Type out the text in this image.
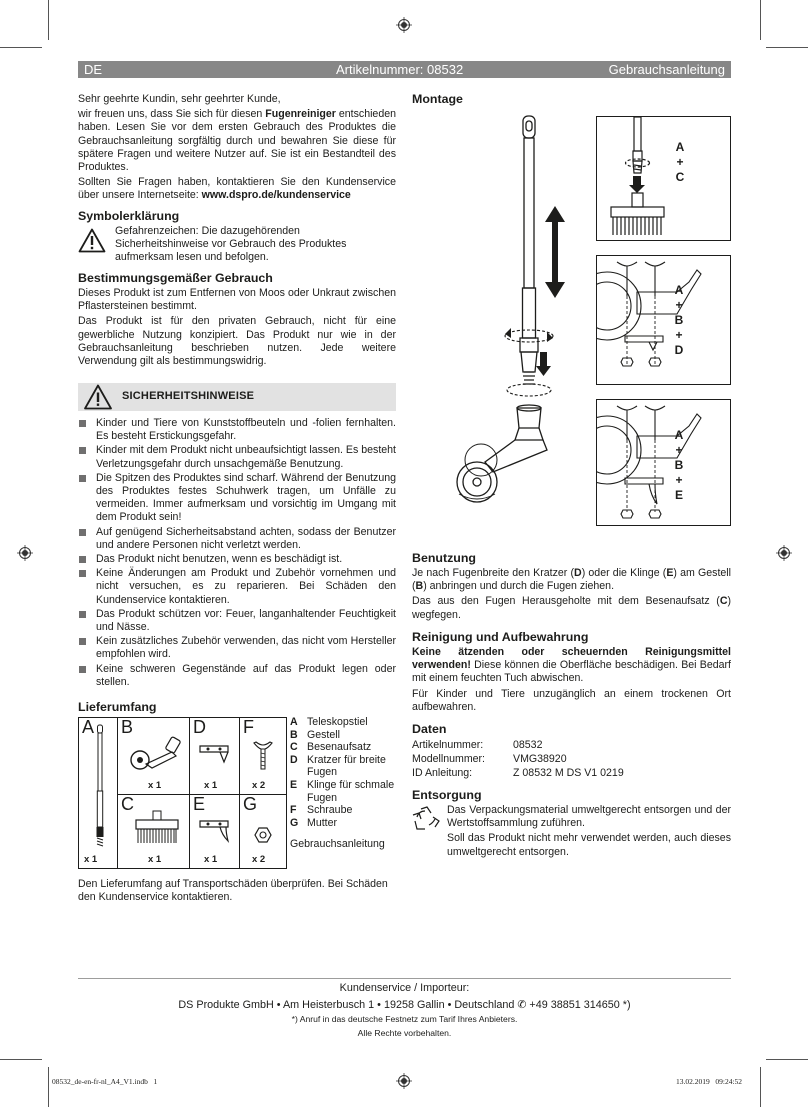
DE	Artikelnummer: 08532	Gebrauchsanleitung

Sehr geehrte Kundin, sehr geehrter Kunde,

wir freuen uns, dass Sie sich für diesen Fugenreiniger entschieden haben. Lesen Sie vor dem ersten Gebrauch des Produktes die Gebrauchsanleitung sorgfältig durch und bewahren Sie diese für spätere Fragen und weitere Nutzer auf. Sie ist ein Bestandteil des Produktes.

Sollten Sie Fragen haben, kontaktieren Sie den Kundenservice über unsere Internetseite: www.dspro.de/kundenservice

Symbolerklärung

Gefahrenzeichen: Die dazugehörenden Sicherheitshinweise vor Gebrauch des Produktes aufmerksam lesen und befolgen.

Bestimmungsgemäßer Gebrauch

Dieses Produkt ist zum Entfernen von Moos oder Unkraut zwischen Pflastersteinen bestimmt.

Das Produkt ist für den privaten Gebrauch, nicht für eine gewerbliche Nutzung konzipiert. Das Produkt nur wie in der Gebrauchsanleitung beschrieben nutzen. Jede weitere Verwendung gilt als bestimmungswidrig.

SICHERHEITSHINWEISE
Kinder und Tiere von Kunststoffbeuteln und -folien fernhalten. Es besteht Erstickungsgefahr.
Kinder mit dem Produkt nicht unbeaufsichtigt lassen. Es besteht Verletzungsgefahr durch unsachgemäße Benutzung.
Die Spitzen des Produktes sind scharf. Während der Benutzung des Produktes festes Schuhwerk tragen, um Unfälle zu vermeiden. Immer aufmerksam und vorsichtig im Umgang mit dem Produkt sein!
Auf genügend Sicherheitsabstand achten, sodass der Benutzer und andere Personen nicht verletzt werden.
Das Produkt nicht benutzen, wenn es beschädigt ist.
Keine Änderungen am Produkt und Zubehör vornehmen und nicht versuchen, es zu reparieren. Bei Schäden den Kundenservice kontaktieren.
Das Produkt schützen vor: Feuer, langanhaltender Feuchtigkeit und Nässe.
Kein zusätzliches Zubehör verwenden, das nicht vom Hersteller empfohlen wird.
Keine schweren Gegenstände auf das Produkt legen oder stellen.
Lieferumfang
A
x 1
B
x 1
D
x 1
F
x 2
C
x 1
E
x 1
G
x 2
A	Teleskopstiel
B	Gestell
C	Besenaufsatz
D	Kratzer für breite Fugen
E	Klinge für schmale Fugen
F	Schraube
G	Mutter

Gebrauchsanleitung

Den Lieferumfang auf Transportschäden überprüfen. Bei Schäden den Kundenservice kontaktieren.

Montage
A
+
C
A
+
B
+
D
A
+
B
+
E
Benutzung

Je nach Fugenbreite den Kratzer (D) oder die Klinge (E) am Gestell (B) anbringen und durch die Fugen ziehen.

Das aus den Fugen Herausgeholte mit dem Besenaufsatz (C) wegfegen.

Reinigung und Aufbewahrung

Keine ätzenden oder scheuernden Reinigungsmittel verwenden! Diese können die Oberfläche beschädigen. Bei Bedarf mit einem feuchten Tuch abwischen.

Für Kinder und Tiere unzugänglich an einem trockenen Ort aufbewahren.

Daten
Artikelnummer:	08532
Modellnummer:	VMG38920
ID Anleitung:	Z 08532 M DS V1 0219
Entsorgung

Das Verpackungsmaterial umweltgerecht entsorgen und der Wertstoffsammlung zuführen.

Soll das Produkt nicht mehr verwendet werden, auch dieses umweltgerecht entsorgen.

Kundenservice / Importeur:
DS Produkte GmbH • Am Heisterbusch 1 • 19258 Gallin • Deutschland ✆ +49 38851 314650 *)
*) Anruf in das deutsche Festnetz zum Tarif Ihres Anbieters.
Alle Rechte vorbehalten.
08532_de-en-fr-nl_A4_V1.indb   1	13.02.2019   09:24:52
